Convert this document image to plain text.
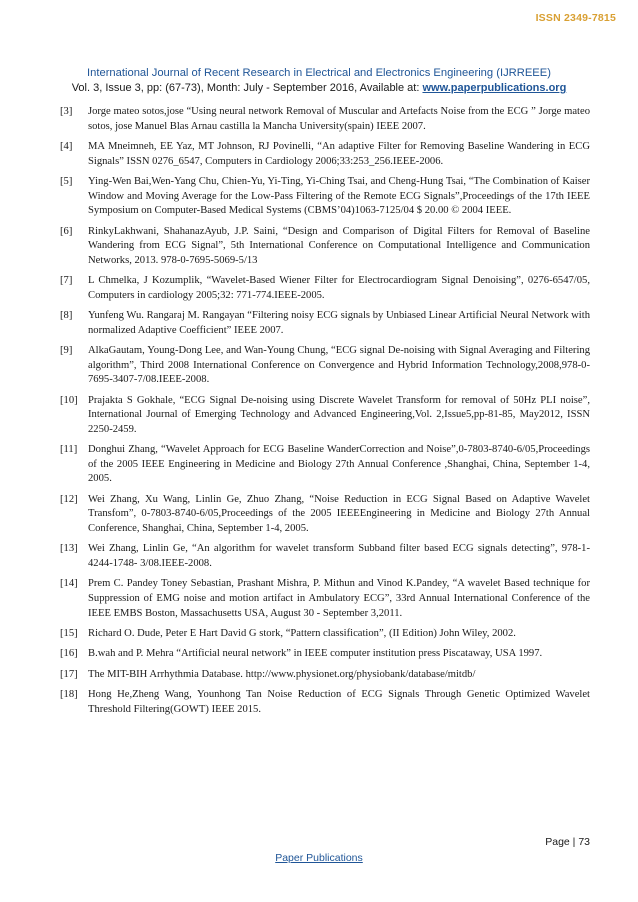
ISSN 2349-7815
International Journal of Recent Research in Electrical and Electronics Engineering (IJRREEE)
Vol. 3, Issue 3, pp: (67-73), Month: July - September 2016, Available at: www.paperpublications.org
[3]	Jorge mateo sotos,jose “Using neural network Removal of Muscular and Artefacts Noise from the ECG ” Jorge mateo sotos, jose Manuel Blas Arnau castilla la Mancha University(spain) IEEE 2007.
[4]	MA Mneimneh, EE Yaz, MT Johnson, RJ Povinelli, “An adaptive Filter for Removing Baseline Wandering in ECG Signals” ISSN 0276_6547, Computers in Cardiology 2006;33:253_256.IEEE-2006.
[5]	Ying-Wen Bai,Wen-Yang Chu, Chien-Yu, Yi-Ting, Yi-Ching Tsai, and Cheng-Hung Tsai, “The Combination of Kaiser Window and Moving Average for the Low-Pass Filtering of the Remote ECG Signals”,Proceedings of the 17th IEEE Symposium on Computer-Based Medical Systems (CBMS’04)1063-7125/04 $ 20.00 © 2004 IEEE.
[6]	RinkyLakhwani, ShahanazAyub, J.P. Saini, “Design and Comparison of Digital Filters for Removal of Baseline Wandering from ECG Signal”, 5th International Conference on Computational Intelligence and Communication Networks, 2013. 978-0-7695-5069-5/13
[7]	L Chmelka, J Kozumplik, “Wavelet-Based Wiener Filter for Electrocardiogram Signal Denoising”, 0276-6547/05, Computers in cardiology 2005;32: 771-774.IEEE-2005.
[8]	Yunfeng Wu. Rangaraj M. Rangayan “Filtering noisy ECG signals by Unbiased Linear Artificial Neural Network with normalized Adaptive Coefficient” IEEE 2007.
[9]	AlkaGautam, Young-Dong Lee, and Wan-Young Chung, “ECG signal De-noising with Signal Averaging and Filtering algorithm”, Third 2008 International Conference on Convergence and Hybrid Information Technology,2008,978-0-7695-3407-7/08.IEEE-2008.
[10] Prajakta S Gokhale, “ECG Signal De-noising using Discrete Wavelet Transform for removal of 50Hz PLI noise”, International Journal of Emerging Technology and Advanced Engineering,Vol. 2,Issue5,pp-81-85, May2012, ISSN 2250-2459.
[11]	Donghui Zhang, “Wavelet Approach for ECG Baseline WanderCorrection and Noise”,0-7803-8740-6/05,Proceedings of the 2005 IEEE Engineering in Medicine and Biology 27th Annual Conference ,Shanghai, China, September 1-4, 2005.
[12] Wei Zhang, Xu Wang, Linlin Ge, Zhuo Zhang, “Noise Reduction in ECG Signal Based on Adaptive Wavelet Transfom”, 0-7803-8740-6/05,Proceedings of the 2005 IEEEEngineering in Medicine and Biology 27th Annual Conference, Shanghai, China, September 1-4, 2005.
[13] Wei Zhang, Linlin Ge, “An algorithm for wavelet transform Subband filter based ECG signals detecting”, 978-1-4244-1748- 3/08.IEEE-2008.
[14] Prem C. Pandey Toney Sebastian, Prashant Mishra, P. Mithun and Vinod K.Pandey, “A wavelet Based technique for Suppression of EMG noise and motion artifact in Ambulatory ECG”, 33rd Annual International Conference of the IEEE EMBS Boston, Massachusetts USA, August 30 - September 3,2011.
[15] Richard O. Dude, Peter E Hart David G stork, “Pattern classification”, (II Edition) John Wiley, 2002.
[16] B.wah and P. Mehra “Artificial neural network” in IEEE computer institution press Piscataway, USA 1997.
[17] The MIT-BIH Arrhythmia Database. http://www.physionet.org/physiobank/database/mitdb/
[18] Hong He,Zheng Wang, Younhong Tan Noise Reduction of ECG Signals Through Genetic Optimized Wavelet Threshold Filtering(GOWT) IEEE 2015.
Page | 73
Paper Publications
